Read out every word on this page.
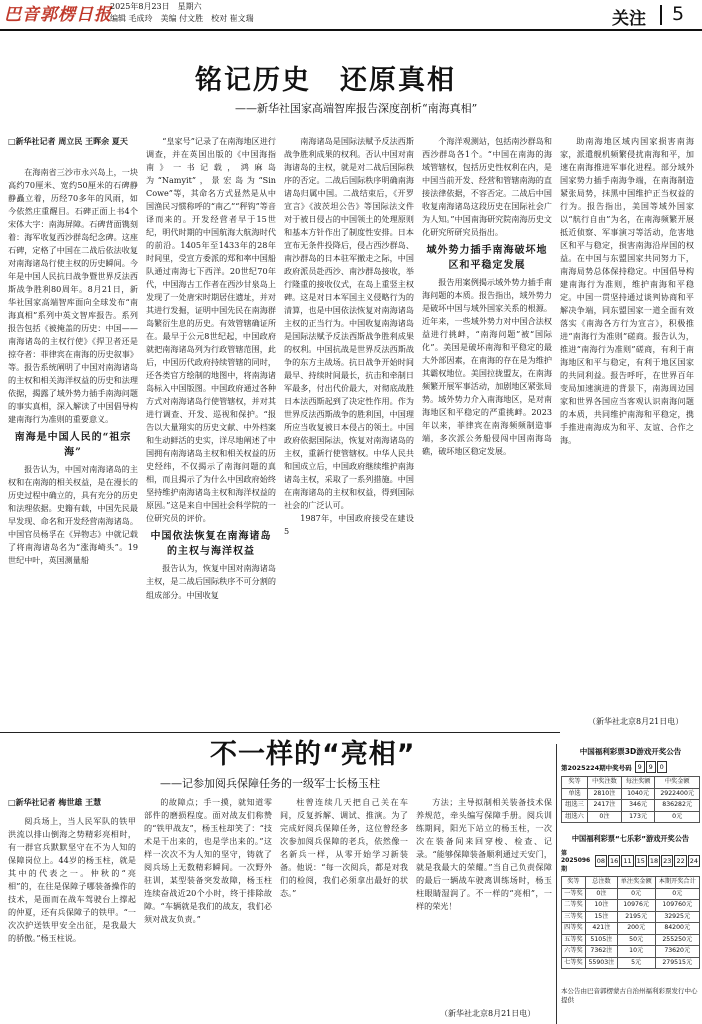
巴音郭楞日报
2025年8月23日　星期六
编辑 毛成玲　美编 付文胜　校对 崔文瑞	关注 5
铭记历史　还原真相
——新华社国家高端智库报告深度剖析“南海真相”

□新华社记者 周立民 王晖余 夏天

在海南省三沙市永兴岛上，一块高约70厘米、宽约50厘米的石碑静静矗立着，历经70多年的风雨，如今依然庄重醒目。石碑正面上书4个宋体大字：南海屏障。石碑背面镌刻着：海军收复西沙群岛纪念碑。这座石碑，定格了中国在二战后依法收复对南海诸岛行使主权的历史瞬间。今年是中国人民抗日战争暨世界反法西斯战争胜利80周年。8月21日，新华社国家高端智库面向全球发布“南海真相”系列中英文智库报告。系列报告包括《被掩盖的历史：中国——南海诸岛的主权行使》《捍卫者还是掠夺者：菲律宾在南海的历史叙事》等。报告系统阐明了中国对南海诸岛的主权和相关海洋权益的历史和法理依据，揭露了域外势力插手南海问题的事实真相，深入解读了中国倡导构建南海行为准则的重要意义。

南海是中国人民的“祖宗海”

报告认为，中国对南海诸岛的主权和在南海的相关权益，是在漫长的历史过程中确立的，具有充分的历史和法理依据。史籍有载，中国先民最早发现、命名和开发经营南海诸岛。中国官员杨孚在《异物志》中就记载了将南海诸岛名为“涨海崎头”。19世纪中叶，英国测量船

“皇家号”记录了在南海地区进行调查，并在英国出版的《中国海指南》一书记载，鸿麻岛为“Namyit”，景宏岛为“Sin Cowe”等，其命名方式显然是从中国渔民习惯称呼的“南乙”“秤钩”等音译而来的。开发经营者早于15世纪，明代时期的中国航海大航海时代的前沿。1405年至1433年的28年时间里，受宣方委派的郑和率中国船队通过南海七下西洋。20世纪70年代，中国海古工作者在西沙甘泉岛上发现了一处唐宋时期居住遗址，并对其进行发掘，证明中国先民在南海群岛繁衍生息的历史。有效管辖确证所在。最早于公元8世纪起，中国政府就把南海诸岛列为行政管辖范围，此后，中国历代政府持续管辖的同时，还各类官方绘制的地图中，将南海诸岛标入中国版图。中国政府通过各种方式对南海诸岛行使管辖权，并对其进行调查、开发、巡视和保护。“报告以大量翔实的历史文献、中外档案和生动鲜活的史实，详尽地阐述了中国拥有南海诸岛主权和相关权益的历史经纬，不仅揭示了南海问题的真相，而且揭示了为什么中国政府始终坚持维护南海诸岛主权和海洋权益的原因。”这是来自中国社会科学院的一位研究员的评价。

中国依法恢复在南海诸岛的主权与海洋权益

报告认为，恢复中国对南海诸岛主权，是二战后国际秩序不可分割的组成部分。中国收复

南海诸岛是国际法赋予反法西斯战争胜利成果的权利。否认中国对南海诸岛的主权，就是对二战后国际秩序的否定。二战后国际秩序明确南海诸岛归属中国。二战结束后，《开罗宣言》《波茨坦公告》等国际法文件对于被日侵占的中国领土的处理原则和基本方针作出了制度性安排。日本宣布无条件投降后，侵占西沙群岛、南沙群岛的日本驻军撤走之际，中国政府派员赴西沙、南沙群岛接收，举行隆重的接收仪式，在岛上重竖主权碑。这是对日本军国主义侵略行为的清算，也是中国依法恢复对南海诸岛主权的正当行为。中国收复南海诸岛是国际法赋予反法西斯战争胜利成果的权利。中国抗战是世界反法西斯战争的东方主战场。抗日战争开始时间最早、持续时间最长，抗击和牵制日军最多，付出代价最大，对彻底战胜日本法西斯起到了决定性作用。作为世界反法西斯战争的胜利国，中国理所应当收复被日本侵占的领土。中国政府依据国际法，恢复对南海诸岛的主权，重新行使管辖权。中华人民共和国成立后，中国政府继续维护南海诸岛主权，采取了一系列措施。中国在南海诸岛的主权和权益，得到国际社会的广泛认可。

1987年，中国政府接受在建设5

个海洋观测站，包括南沙群岛和西沙群岛各1个。“中国在南海的海域管辖权，包括历史性权利在内，是中国当前开发、经营和管辖南海的直接法律依据，不容否定。二战后中国收复南海诸岛这段历史在国际社会广为人知。”中国南海研究院南海历史文化研究所研究员指出。

域外势力插手南海破坏地区和平稳定发展

报告用案例揭示域外势力插手南海问题的本质。报告指出，域外势力是破坏中国与域外国家关系的根源。近年来，一些域外势力对中国合法权益进行挑衅，“南海问题”被“国际化”。美国是破坏南海和平稳定的最大外部因素，在南海的存在是为维护其霸权地位。美国拉拢盟友，在南海频繁开展军事活动，加剧地区紧张局势。域外势力介入南海地区，是对南海地区和平稳定的严重挑衅。2023年以来，菲律宾在南海频频制造事端，多次派公务船侵闯中国南海岛礁，破坏地区稳定发展。

助南海地区域内国家损害南海家，派遣舰机频繁侵扰南海和平，加速在南海推进军事化进程。部分域外国家势力插手南海争端，在南海制造紧张局势，抹黑中国维护正当权益的行为。报告指出，美国等域外国家以“航行自由”为名，在南海频繁开展抵近侦察、军事演习等活动，危害地区和平与稳定，损害南海沿岸国的权益。在中国与东盟国家共同努力下，南海局势总体保持稳定。中国倡导构建南海行为准则，维护南海和平稳定。中国一贯坚持通过谈判协商和平解决争端，同东盟国家一道全面有效落实《南海各方行为宣言》，积极推进“南海行为准则”磋商。报告认为，推进“南海行为准则”磋商，有利于南海地区和平与稳定，有利于地区国家的共同利益。报告呼吁，在世界百年变局加速演进的背景下，南海周边国家和世界各国应当客观认识南海问题的本质，共同维护南海和平稳定，携手推进南海成为和平、友谊、合作之海。

（新华社北京8月21日电）
不一样的“亮相”
——记参加阅兵保障任务的一级军士长杨玉柱

□新华社记者 梅世雄 王慧

阅兵场上，当人民军队的铁甲洪流以排山倒海之势精彩亮相时，有一群官兵默默坚守在不为人知的保障岗位上。44岁的杨玉柱，就是其中的代表之一。仲秋的“亮相”的，在往是保障子哪装备操作的技术，是面而在战车驾驶台上撑起的仲夏，还有兵保障子的铁甲。“一次次护送铁甲安全出征，是我最大的骄傲。”杨玉柱说。

的故障点；手一摸，就知道零部件的磨损程度。面对战友们称赞的“铁甲战友”，杨玉柱却笑了：“技术是干出来的，也是学出来的。”这样一次次不为人知的坚守，铸就了阅兵场上无数精彩瞬间。一次野外驻训，某型装备突发故障，杨玉柱连续奋战近20个小时，终于排除故障。“车辆就是我们的战友，我们必须对战友负责。”

柱曾连续几天把自己关在车间，反复拆解、调试、推演。为了完成好阅兵保障任务，这位曾经多次参加阅兵保障的老兵，依然像一名新兵一样，从零开始学习新装备。他说：“每一次阅兵，都是对我们的检阅，我们必须拿出最好的状态。”

方法；主导拟制相关装备技术保养规范，牵头编写保障手册。阅兵训练期间，阳光下站立的杨玉柱，一次次在装备间来回穿梭、检查、记录。“能够保障装备顺利通过天安门，就是我最大的荣耀。”当自己负责保障的最后一辆战车驶离训练场时，杨玉柱眼睛湿润了。不一样的“亮相”，一样的荣光！

（新华社北京8月21日电）
中国福利彩票3D游戏开奖公告
第2025224期中奖号码 9	9	0
奖等	中奖注数	每注奖额	中奖金额
单选	2810注	1040元	2922400元
组选三	2417注	346元	836282元
组选六	0注	173元	0元
中国福利彩票“七乐彩”游戏开奖公告
第2025096期
08 16 11 15 18 23 22 24
奖等	总注数	单注奖金额	本期开奖合计
一等奖	0注	0元	0元
二等奖	10注	10976元	109760元
三等奖	15注	2195元	32925元
四等奖	421注	200元	84200元
五等奖	5105注	50元	255250元
六等奖	7362注	10元	73620元
七等奖	55903注	5元	279515元
本公告由巴音郭楞蒙古自治州福利彩票发行中心提供
